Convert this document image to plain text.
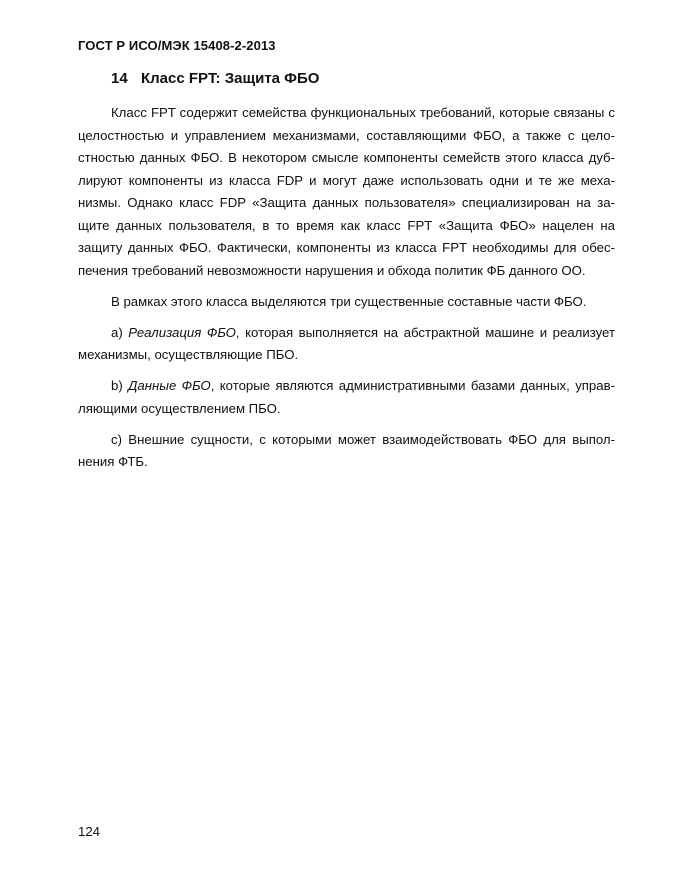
ГОСТ Р ИСО/МЭК 15408-2-2013
14 Класс FPT: Защита ФБО

Класс FPT содержит семейства функциональных требований, которые связаны с целостностью и управлением механизмами, составляющими ФБО, а также с целостностью данных ФБО. В некотором смысле компоненты семейств этого класса дублируют компоненты из класса FDP и могут даже использовать одни и те же механизмы. Однако класс FDP «Защита данных пользователя» специализирован на защите данных пользователя, в то время как класс FPT «Защита ФБО» нацелен на защиту данных ФБО. Фактически, компоненты из класса FPT необходимы для обеспечения требований невозможности нарушения и обхода политик ФБ данного ОО.

В рамках этого класса выделяются три существенные составные части ФБО.

a) Реализация ФБО, которая выполняется на абстрактной машине и реализует механизмы, осуществляющие ПБО.

b) Данные ФБО, которые являются административными базами данных, управляющими осуществлением ПБО.

c) Внешние сущности, с которыми может взаимодействовать ФБО для выполнения ФТБ.

124
